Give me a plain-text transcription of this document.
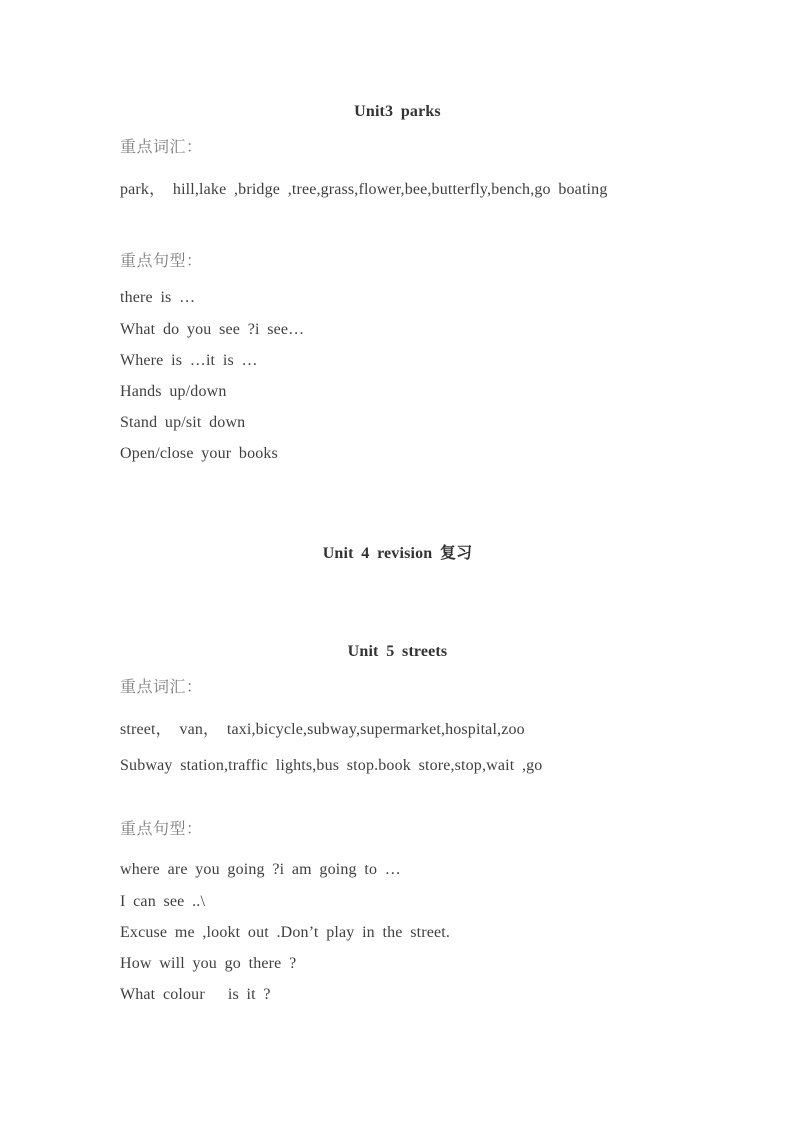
Unit3 parks

重点词汇：

park， hill,lake ,bridge ,tree,grass,flower,bee,butterfly,bench,go boating

重点句型：

there is …

What do you see ?i see…

Where is …it is …

Hands up/down

Stand up/sit down

Open/close your books

Unit 4 revision 复习

Unit 5 streets

重点词汇：

street， van， taxi,bicycle,subway,supermarket,hospital,zoo

Subway station,traffic lights,bus stop.book store,stop,wait ,go

重点句型：

where are you going ?i am going to …

I can see ..\

Excuse me ,lookt out .Don’t play in the street.

How will you go there ?

What colour   is it ?
